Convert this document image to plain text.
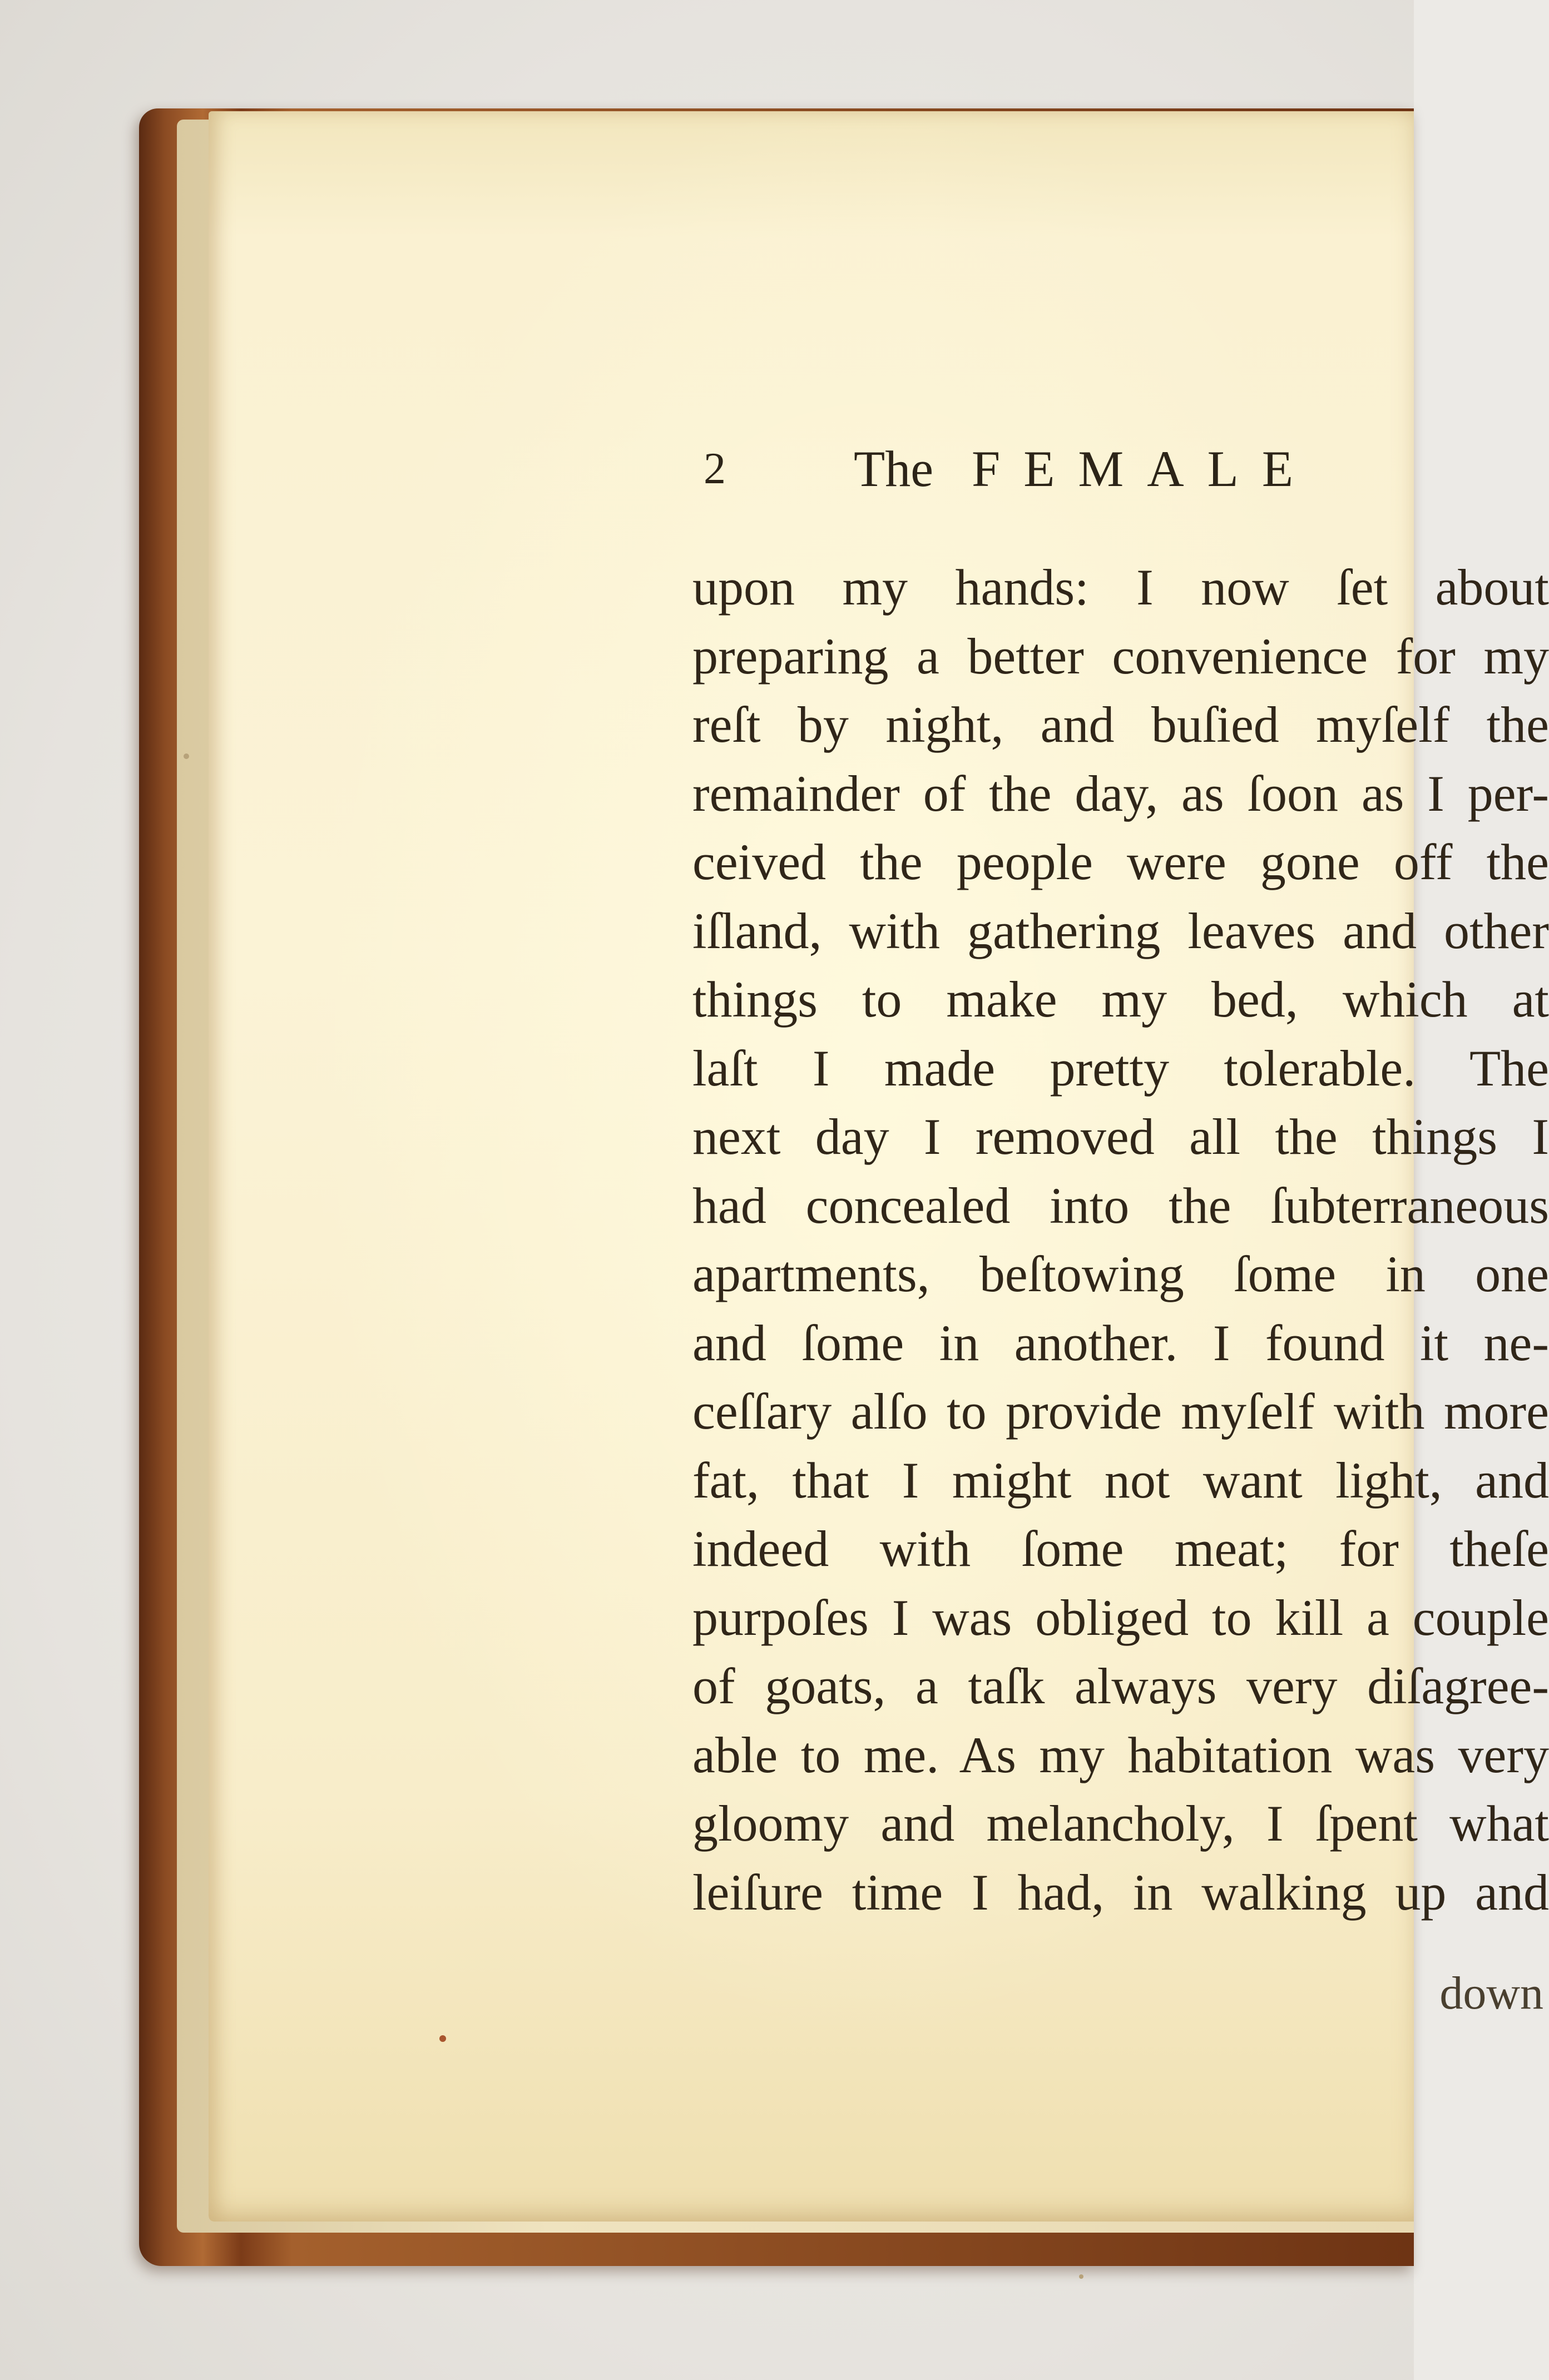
2	The FEMALE
upon my hands: I now ſet about
preparing a better convenience for my
reſt by night, and buſied myſelf the
remainder of the day, as ſoon as I per-
ceived the people were gone off the
iſland, with gathering leaves and other
things to make my bed, which at
laſt I made pretty tolerable. The
next day I removed all the things I
had concealed into the ſubterraneous
apartments, beſtowing ſome in one
and ſome in another. I found it ne-
ceſſary alſo to provide myſelf with more
fat, that I might not want light, and
indeed with ſome meat; for theſe
purpoſes I was obliged to kill a couple
of goats, a taſk always very diſagree-
able to me. As my habitation was very
gloomy and melancholy, I ſpent what
leiſure time I had, in walking up and
down
